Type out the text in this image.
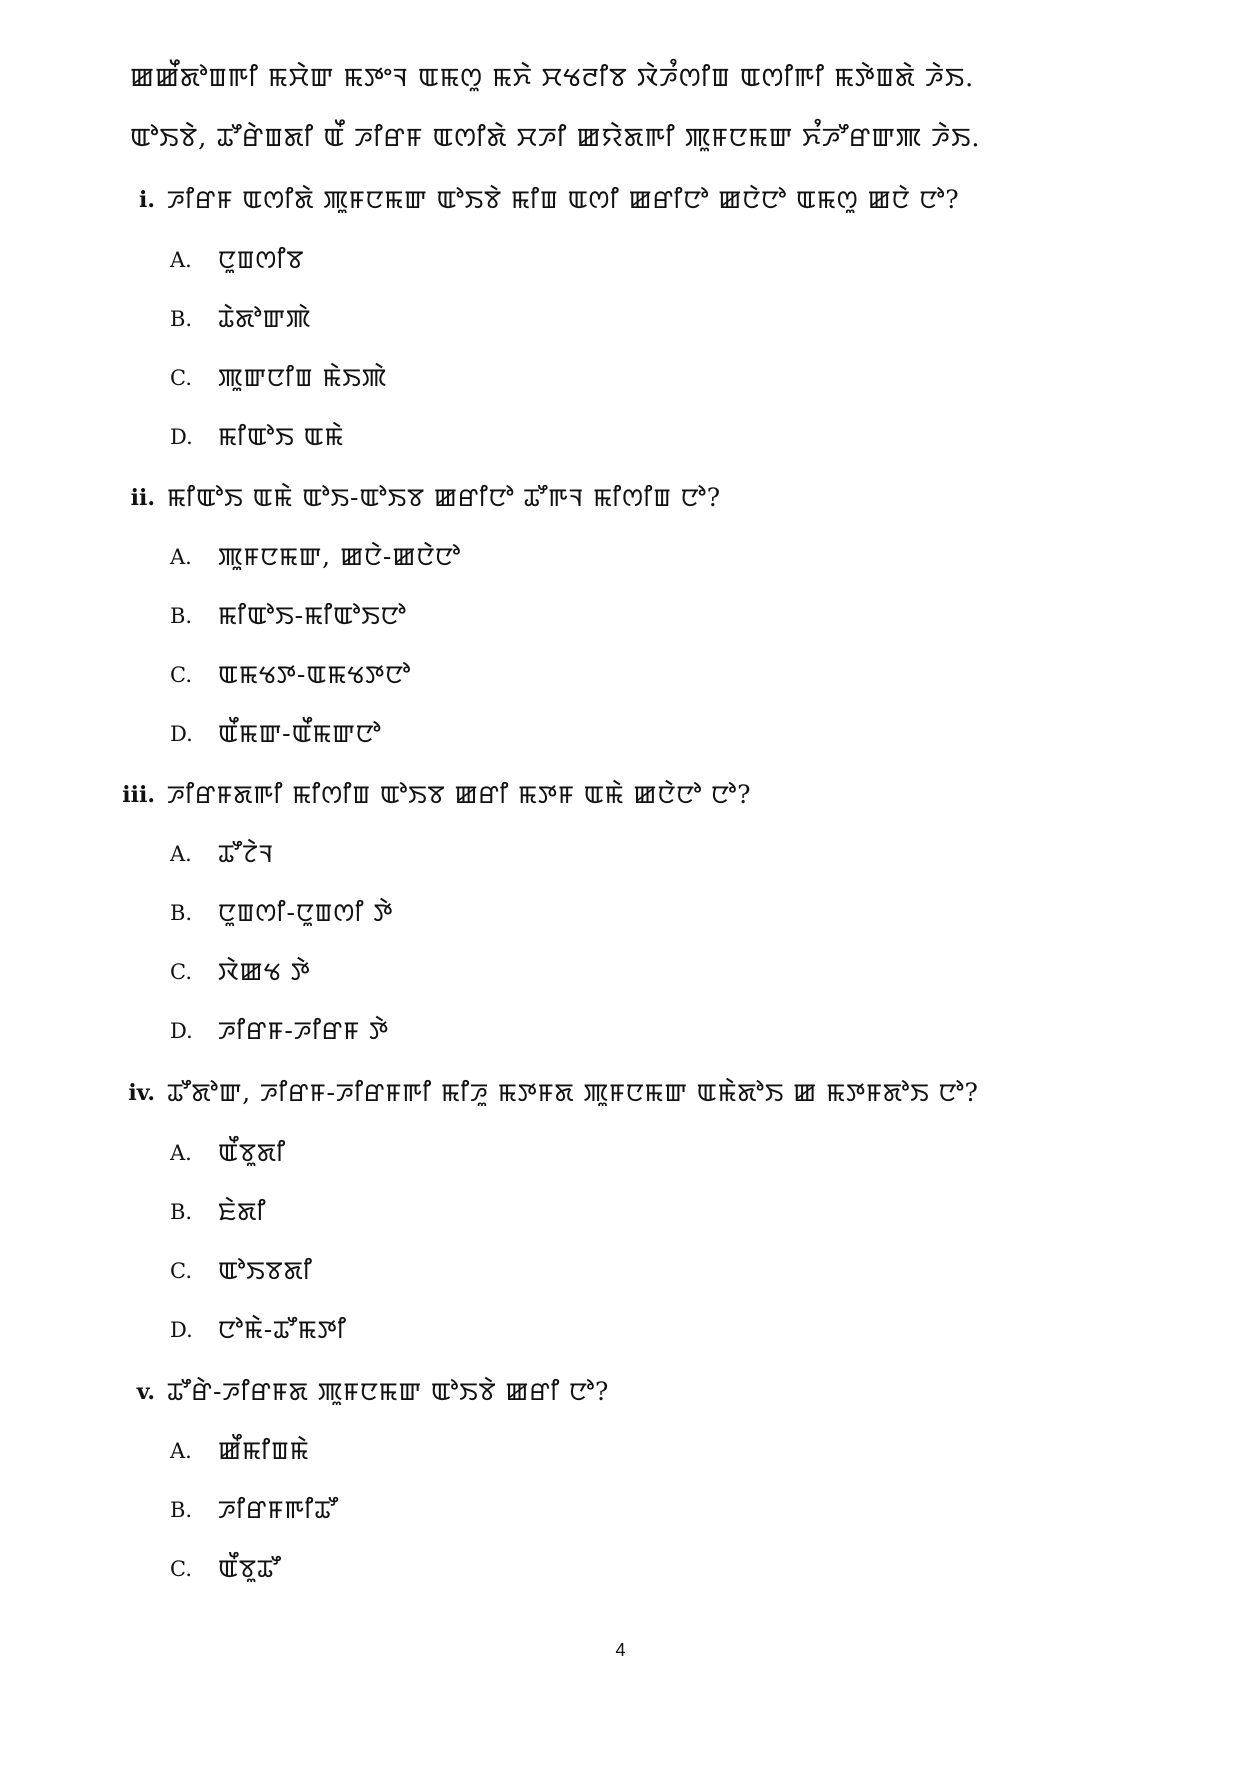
ꯀꯀꯩꯗꯣꯡꯒꯤ ꯃꯆꯥꯛ ꯃꯇꯦꯜ ꯑꯃꯁꯨ ꯃꯈꯥ ꯆꯠꯂꯤꯕ ꯋꯥꯍꯪꯁꯤꯡ ꯑꯁꯤꯒꯤ ꯃꯇꯥꯡꯗꯥ ꯍꯥꯏ.
ꯑꯣꯏꯕꯥ, ꯊꯧꯔꯥꯡꯗꯤ ꯑꯩ ꯍꯤꯔꯝ ꯑꯁꯤꯗꯥ ꯆꯍꯤ ꯀꯌꯥꯗꯒꯤ ꯄꯨꯝꯅꯃꯛ ꯈꯪꯍꯧꯔꯛꯄ ꯍꯥꯏ.
i. ꯍꯤꯔꯝ ꯑꯁꯤꯗꯥ ꯄꯨꯝꯅꯃꯛ ꯑꯣꯏꯕꯥ ꯃꯤꯡ ꯑꯁꯤ ꯀꯔꯤꯅꯣ ꯀꯅꯥꯅꯣ ꯑꯃꯁꯨ ꯀꯅꯥ ꯅꯣ?
A.	ꯅꯨꯡꯁꯤꯕ
B.	ꯊꯥꯗꯣꯛꯄꯥ
C.	ꯄꯨꯛꯅꯤꯡ ꯃꯥꯏꯄꯥ
D.	ꯃꯤꯑꯣꯏ ꯑꯃꯥ
ii. ꯃꯤꯑꯣꯏ ꯑꯃꯥ ꯑꯣꯏ-ꯑꯣꯏꯕ ꯀꯔꯤꯅꯣ ꯊꯧꯒꯜ ꯃꯤꯁꯤꯡ ꯅꯣ?
A.	ꯄꯨꯝꯅꯃꯛ, ꯀꯅꯥ-ꯀꯅꯥꯅꯣ
B.	ꯃꯤꯑꯣꯏ-ꯃꯤꯑꯣꯏꯅꯣ
C.	ꯑꯃꯠꯇ-ꯑꯃꯠꯇꯅꯣ
D.	ꯑꯩꯃꯛ-ꯑꯩꯃꯛꯅꯣ
iii. ꯍꯤꯔꯝꯗꯒꯤ ꯃꯤꯁꯤꯡ ꯑꯣꯏꯕ ꯀꯔꯤ ꯃꯇꯝ ꯑꯃꯥ ꯀꯅꯥꯅꯣ ꯅꯣ?
A.	ꯊꯧꯖꯥꯜ
B.	ꯅꯨꯡꯁꯤ-ꯅꯨꯡꯁꯤ ꯇꯥ
C.	ꯋꯥꯀꯠ ꯇꯥ
D.	ꯍꯤꯔꯝ-ꯍꯤꯔꯝ ꯇꯥ
iv. ꯊꯧꯗꯣꯛ, ꯍꯤꯔꯝ-ꯍꯤꯔꯝꯒꯤ ꯃꯤꯍꯨ ꯃꯇꯝꯗ ꯄꯨꯝꯅꯃꯛ ꯑꯃꯥꯗꯣꯏ ꯀ ꯃꯇꯝꯗꯣꯏ ꯅꯣ?
A.	ꯑꯩꯕꯨꯗꯤ
B.	ꯐꯥꯗꯤ
C.	ꯑꯣꯏꯕꯗꯤ
D.	ꯅꯣꯃꯥ-ꯊꯧꯃꯇꯤ
v. ꯊꯧꯔꯥ-ꯍꯤꯔꯝꯗ ꯄꯨꯝꯅꯃꯛ ꯑꯣꯏꯕꯥ ꯀꯔꯤ ꯅꯣ?
A.	ꯀꯩꯃꯤꯡꯃꯥ
B.	ꯍꯤꯔꯝꯒꯤꯊꯧ
C.	ꯑꯩꯕꯨꯊꯧ
4
